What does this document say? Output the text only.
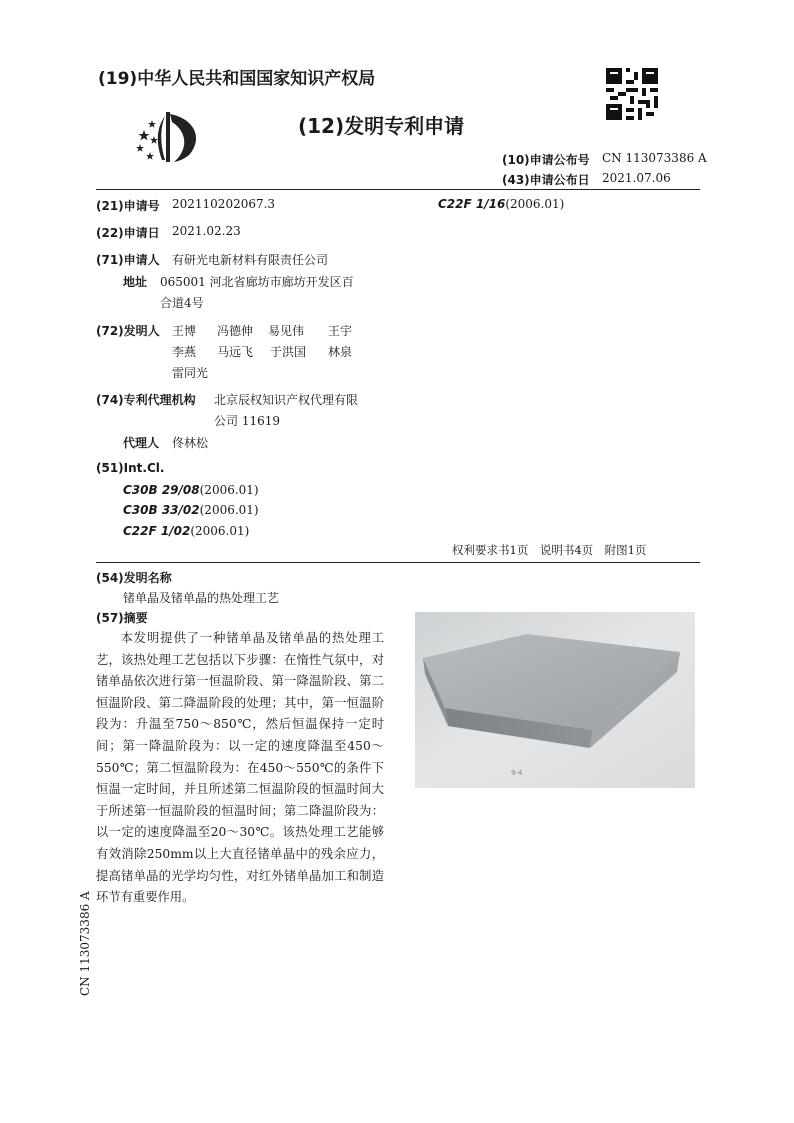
(19)中华人民共和国国家知识产权局
(12)发明专利申请
(10)申请公布号 CN 113073386 A
(43)申请公布日 2021.07.06
(21)申请号 202110202067.3
(22)申请日 2021.02.23
(71)申请人 有研光电新材料有限责任公司
地址 065001 河北省廊坊市廊坊开发区百
合道4号
(72)发明人 王博 冯德伸 易见伟 王宇
李燕 马远飞 于洪国 林泉
雷同光
(74)专利代理机构 北京辰权知识产权代理有限
公司 11619
代理人 佟林松
(51)Int.Cl.
C30B 29/08(2006.01)
C30B 33/02(2006.01)
C22F 1/02(2006.01)
C22F 1/16(2006.01)
权利要求书1页　说明书4页　附图1页
(54)发明名称
锗单晶及锗单晶的热处理工艺
(57)摘要
本发明提供了一种锗单晶及锗单晶的热处理工艺，该热处理工艺包括以下步骤：在惰性气氛中，对锗单晶依次进行第一恒温阶段、第一降温阶段、第二恒温阶段、第二降温阶段的处理；其中，第一恒温阶段为：升温至750～850℃，然后恒温保持一定时间；第一降温阶段为：以一定的速度降温至450～550℃；第二恒温阶段为：在450～550℃的条件下恒温一定时间，并且所述第二恒温阶段的恒温时间大于所述第一恒温阶段的恒温时间；第二降温阶段为：以一定的速度降温至20～30℃。该热处理工艺能够有效消除250mm以上大直径锗单晶中的残余应力，提高锗单晶的光学均匀性，对红外锗单晶加工和制造环节有重要作用。
9-4
CN 113073386 A
